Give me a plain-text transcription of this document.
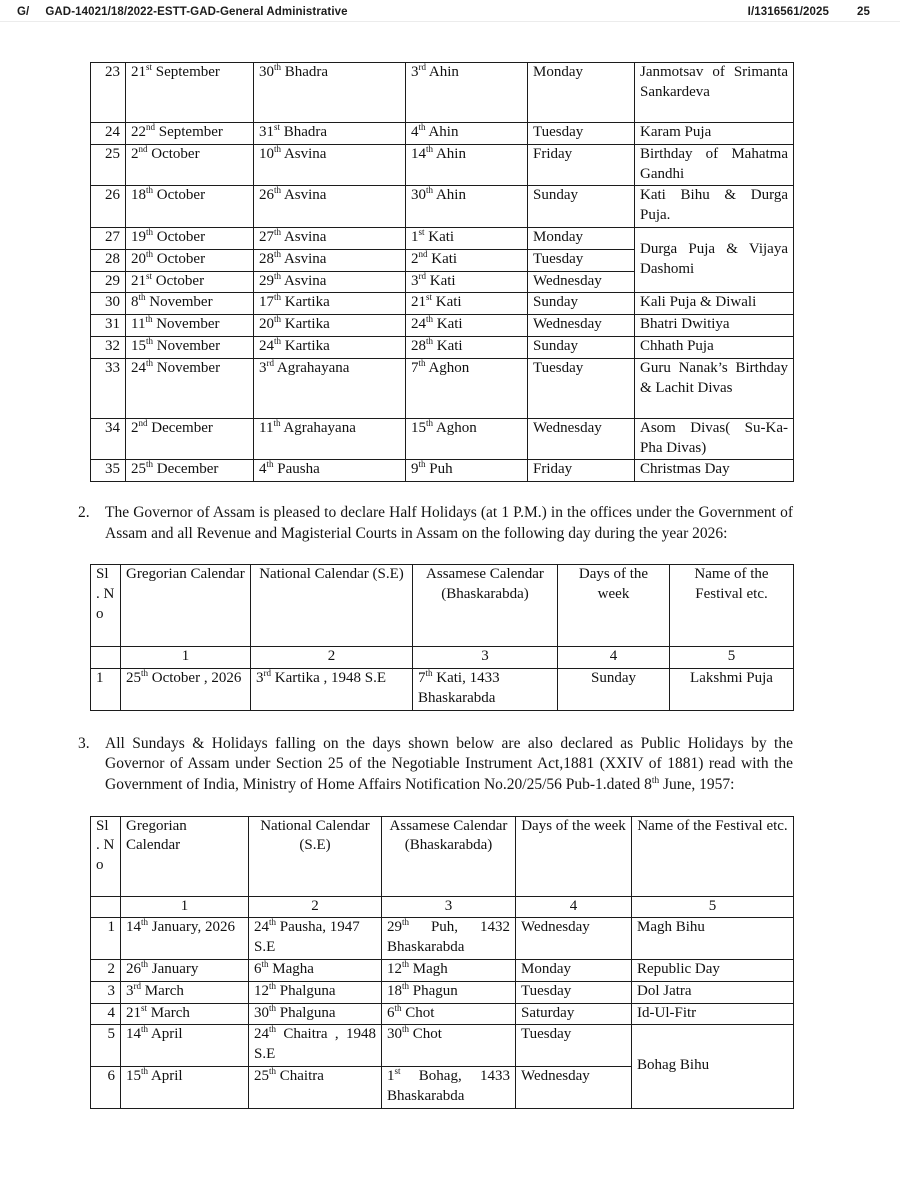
G/ GAD-14021/18/2022-ESTT-GAD-General Administrative	I/1316561/2025 25
23	21st September	30th Bhadra	3rd Ahin	Monday	Janmotsav of Srimanta Sankardeva
24	22nd September	31st Bhadra	4th Ahin	Tuesday	Karam Puja
25	2nd October	10th Asvina	14th Ahin	Friday	Birthday of Mahatma Gandhi
26	18th October	26th Asvina	30th Ahin	Sunday	Kati Bihu & Durga Puja.
27	19th October	27th Asvina	1st Kati	Monday	Durga Puja & Vijaya Dashomi
28	20th October	28th Asvina	2nd Kati	Tuesday	
29	21st October	29th Asvina	3rd Kati	Wednesday	
30	8th November	17th Kartika	21st Kati	Sunday	Kali Puja & Diwali
31	11th November	20th Kartika	24th Kati	Wednesday	Bhatri Dwitiya
32	15th November	24th Kartika	28th Kati	Sunday	Chhath Puja
33	24th November	3rd Agrahayana	7th Aghon	Tuesday	Guru Nanak’s Birthday & Lachit Divas
34	2nd December	11th Agrahayana	15th Aghon	Wednesday	Asom Divas( Su-Ka-Pha Divas)
35	25th December	4th Pausha	9th Puh	Friday	Christmas Day
2. The Governor of Assam is pleased to declare Half Holidays (at 1 P.M.) in the offices under the Government of Assam and all Revenue and Magisterial Courts in Assam on the following day during the year 2026:
Sl . N o	Gregorian Calendar	National Calendar (S.E)	Assamese Calendar (Bhaskarabda)	Days of the week	Name of the Festival etc.
	1	2	3	4	5
1	25th October , 2026	3rd Kartika , 1948 S.E	7th Kati, 1433 Bhaskarabda	Sunday	Lakshmi Puja
3. All Sundays & Holidays falling on the days shown below are also declared as Public Holidays by the Governor of Assam under Section 25 of the Negotiable Instrument Act,1881 (XXIV of 1881) read with the Government of India, Ministry of Home Affairs Notification No.20/25/56 Pub-1.dated 8th June, 1957:
Sl . N o	Gregorian Calendar	National Calendar (S.E)	Assamese Calendar (Bhaskarabda)	Days of the week	Name of the Festival etc.
	1	2	3	4	5
1	14th January, 2026	24th Pausha, 1947 S.E	29th Puh, 1432 Bhaskarabda	Wednesday	Magh Bihu
2	26th January	6th Magha	12th Magh	Monday	Republic Day
3	3rd March	12th Phalguna	18th Phagun	Tuesday	Dol Jatra
4	21st March	30th Phalguna	6th Chot	Saturday	Id-Ul-Fitr
5	14th April	24th Chaitra , 1948 S.E	30th Chot	Tuesday	Bohag Bihu
6	15th April	25th Chaitra	1st Bohag, 1433 Bhaskarabda	Wednesday	
